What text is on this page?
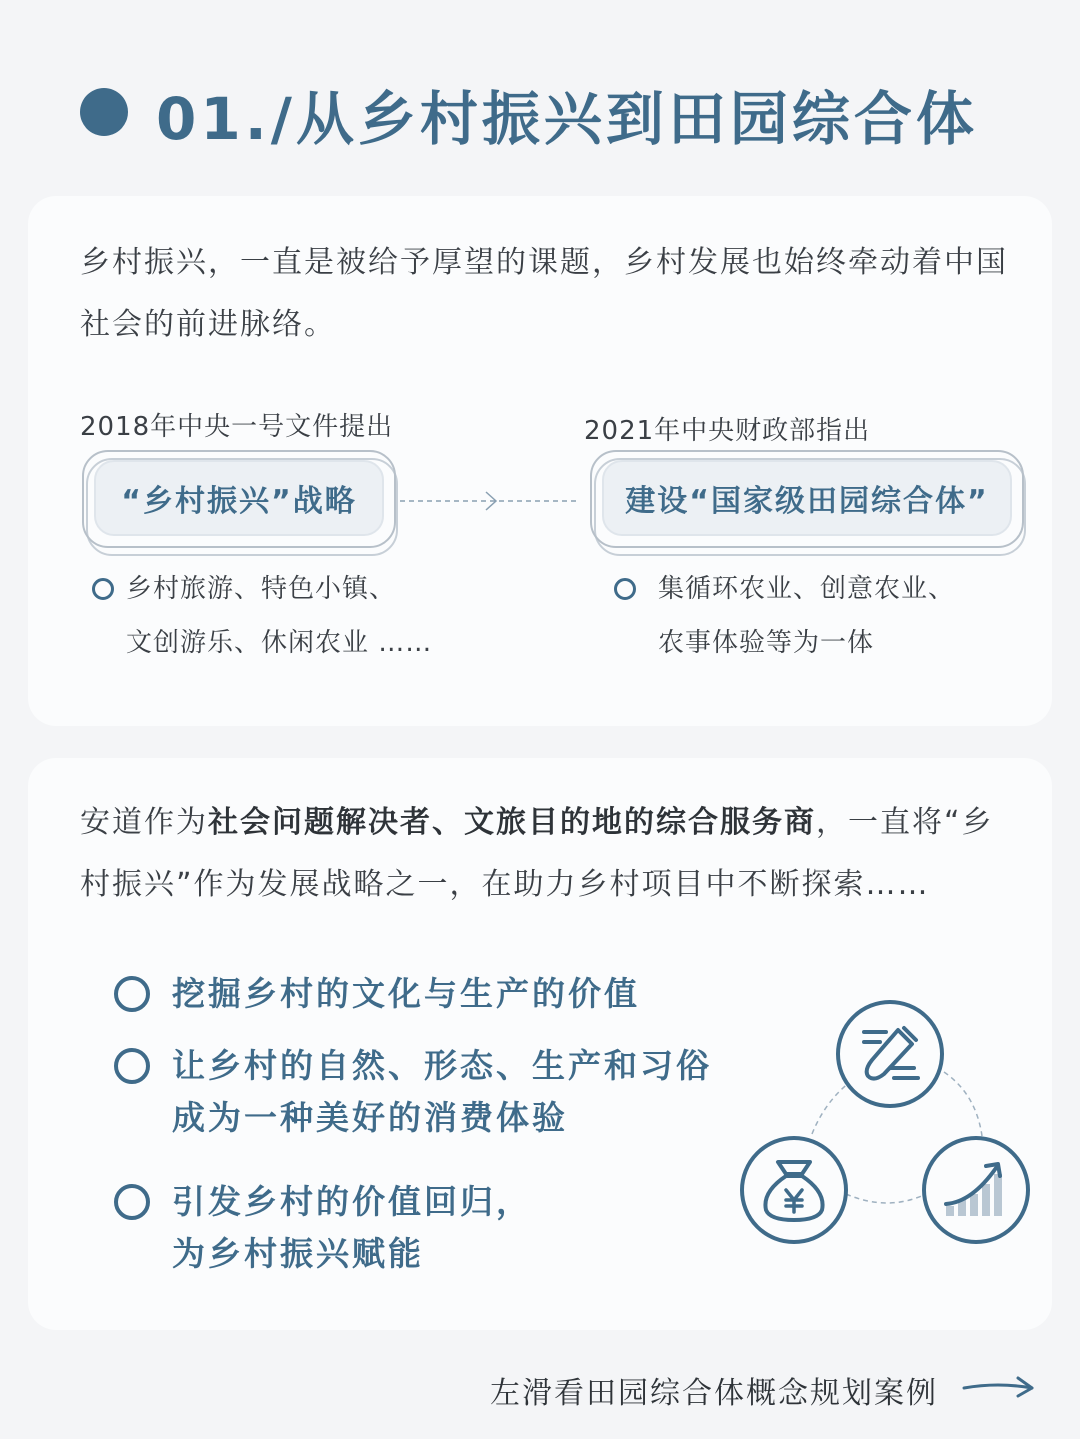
01./从乡村振兴到田园综合体
乡村振兴，一直是被给予厚望的课题，乡村发展也始终牵动着中国
社会的前进脉络。
2018年中央一号文件提出
“乡村振兴”战略
乡村旅游、特色小镇、
文创游乐、休闲农业 ……
2021年中央财政部指出
建设“国家级田园综合体”
集循环农业、创意农业、
农事体验等为一体
安道作为社会问题解决者、文旅目的地的综合服务商，一直将“乡
村振兴”作为发展战略之一，在助力乡村项目中不断探索……
挖掘乡村的文化与生产的价值
让乡村的自然、形态、生产和习俗
成为一种美好的消费体验
引发乡村的价值回归，
为乡村振兴赋能
左滑看田园综合体概念规划案例
